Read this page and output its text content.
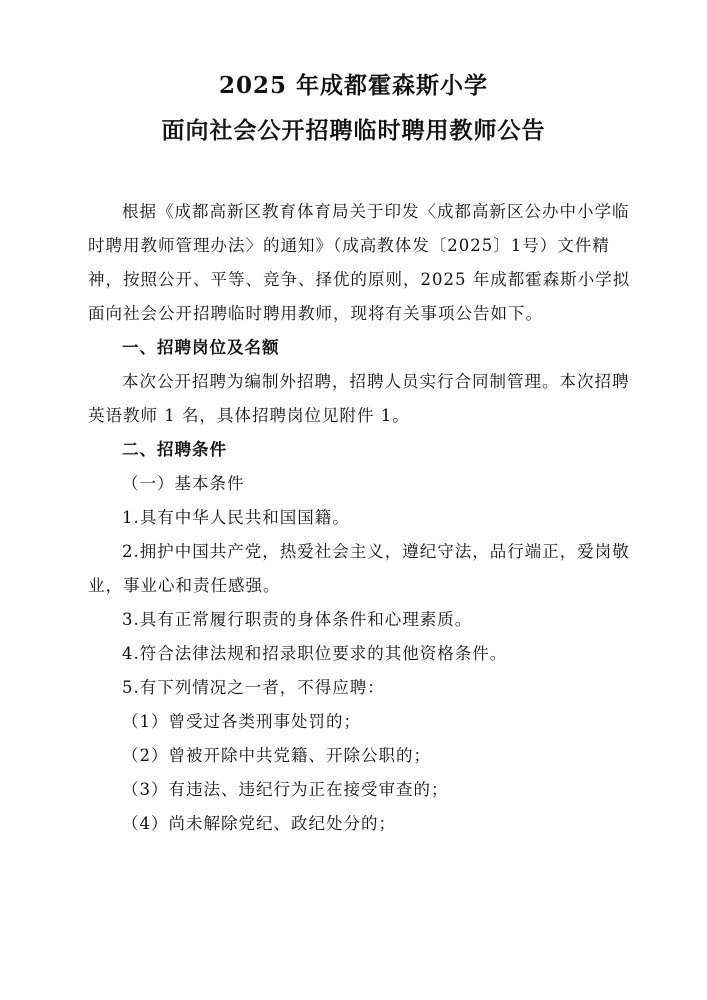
2025 年成都霍森斯小学
面向社会公开招聘临时聘用教师公告

根据《成都高新区教育体育局关于印发〈成都高新区公办中小学临时聘用教师管理办法〉的通知》（成高教体发〔2025〕1号）文件精神，按照公开、平等、竞争、择优的原则，2025 年成都霍森斯小学拟面向社会公开招聘临时聘用教师，现将有关事项公告如下。

一、招聘岗位及名额

本次公开招聘为编制外招聘，招聘人员实行合同制管理。本次招聘英语教师 1 名，具体招聘岗位见附件 1。

二、招聘条件

（一）基本条件

1.具有中华人民共和国国籍。

2.拥护中国共产党，热爱社会主义，遵纪守法，品行端正，爱岗敬业，事业心和责任感强。

3.具有正常履行职责的身体条件和心理素质。

4.符合法律法规和招录职位要求的其他资格条件。

5.有下列情况之一者，不得应聘：

（1）曾受过各类刑事处罚的；

（2）曾被开除中共党籍、开除公职的；

（3）有违法、违纪行为正在接受审查的；

（4）尚未解除党纪、政纪处分的；
